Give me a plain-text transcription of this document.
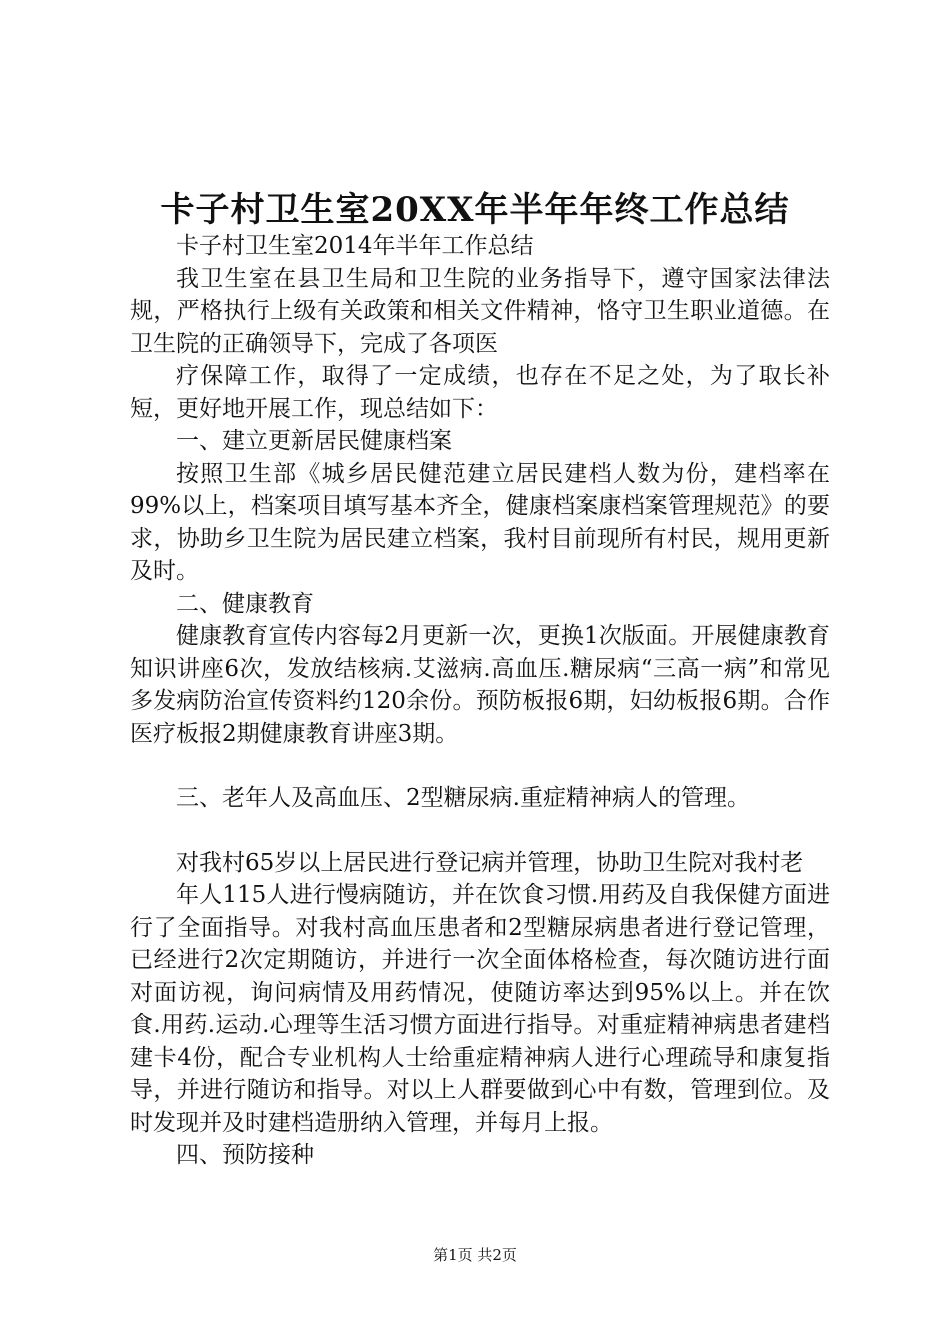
卡子村卫生室20XX年半年年终工作总结

卡子村卫生室2014年半年工作总结

我卫生室在县卫生局和卫生院的业务指导下，遵守国家法律法规，严格执行上级有关政策和相关文件精神，恪守卫生职业道德。在卫生院的正确领导下，完成了各项医

疗保障工作，取得了一定成绩，也存在不足之处，为了取长补短，更好地开展工作，现总结如下：

一、建立更新居民健康档案

按照卫生部《城乡居民健范建立居民建档人数为份，建档率在99%以上，档案项目填写基本齐全，健康档案康档案管理规范》的要求，协助乡卫生院为居民建立档案，我村目前现所有村民，规用更新及时。

二、健康教育

健康教育宣传内容每2月更新一次，更换1次版面。开展健康教育知识讲座6次，发放结核病.艾滋病.高血压.糖尿病“三高一病”和常见多发病防治宣传资料约120余份。预防板报6期，妇幼板报6期。合作医疗板报2期健康教育讲座3期。

三、老年人及高血压、2型糖尿病.重症精神病人的管理。

对我村65岁以上居民进行登记病并管理，协助卫生院对我村老

年人115人进行慢病随访，并在饮食习惯.用药及自我保健方面进行了全面指导。对我村高血压患者和2型糖尿病患者进行登记管理，已经进行2次定期随访，并进行一次全面体格检查，每次随访进行面对面访视，询问病情及用药情况，使随访率达到95%以上。并在饮食.用药.运动.心理等生活习惯方面进行指导。对重症精神病患者建档建卡4份，配合专业机构人士给重症精神病人进行心理疏导和康复指导，并进行随访和指导。对以上人群要做到心中有数，管理到位。及时发现并及时建档造册纳入管理，并每月上报。

四、预防接种

第1页 共2页
